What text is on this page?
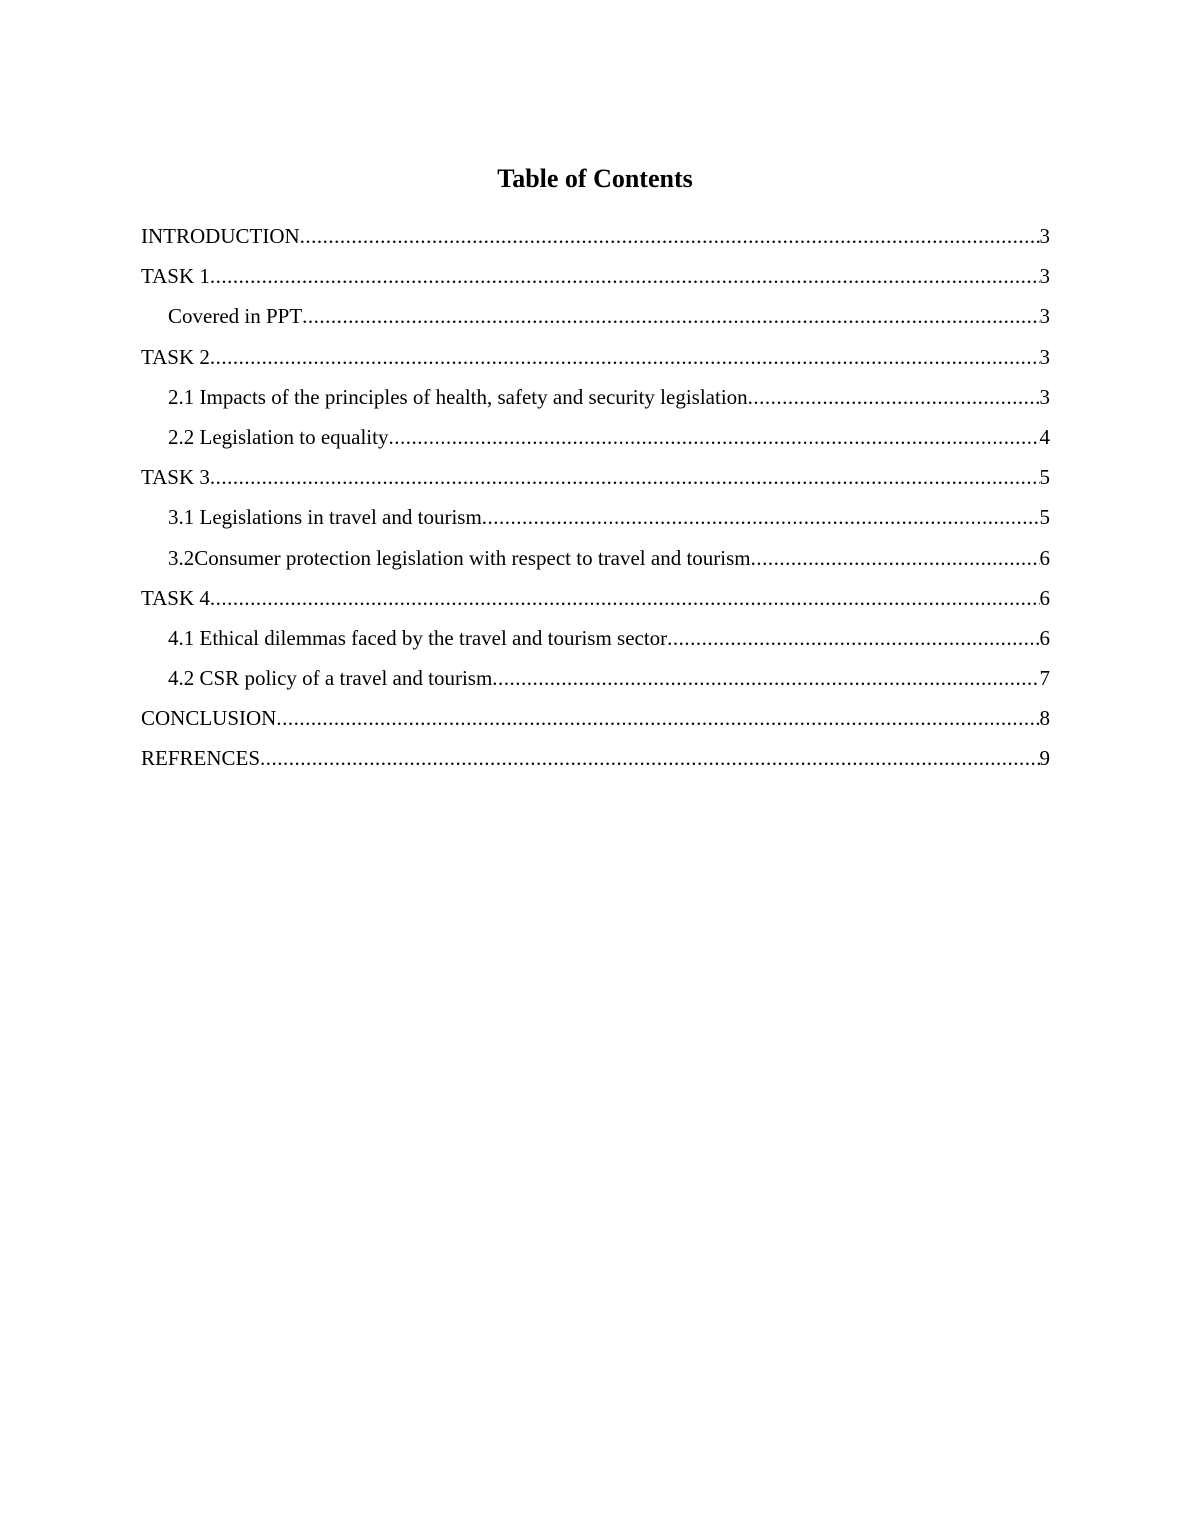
Table of Contents
INTRODUCTION .....	3
TASK 1 .....	3
Covered in PPT .....	3
TASK 2 .....	3
2.1 Impacts of the principles of health, safety and security legislation .....	3
2.2 Legislation to equality .....	4
TASK 3 .....	5
3.1 Legislations in travel and tourism .....	5
3.2Consumer protection legislation with respect to travel and tourism .....	6
TASK 4 .....	6
4.1 Ethical dilemmas faced by the travel and tourism sector .....	6
4.2 CSR policy of a travel and tourism .....	7
CONCLUSION .....	8
REFRENCES .....	9
